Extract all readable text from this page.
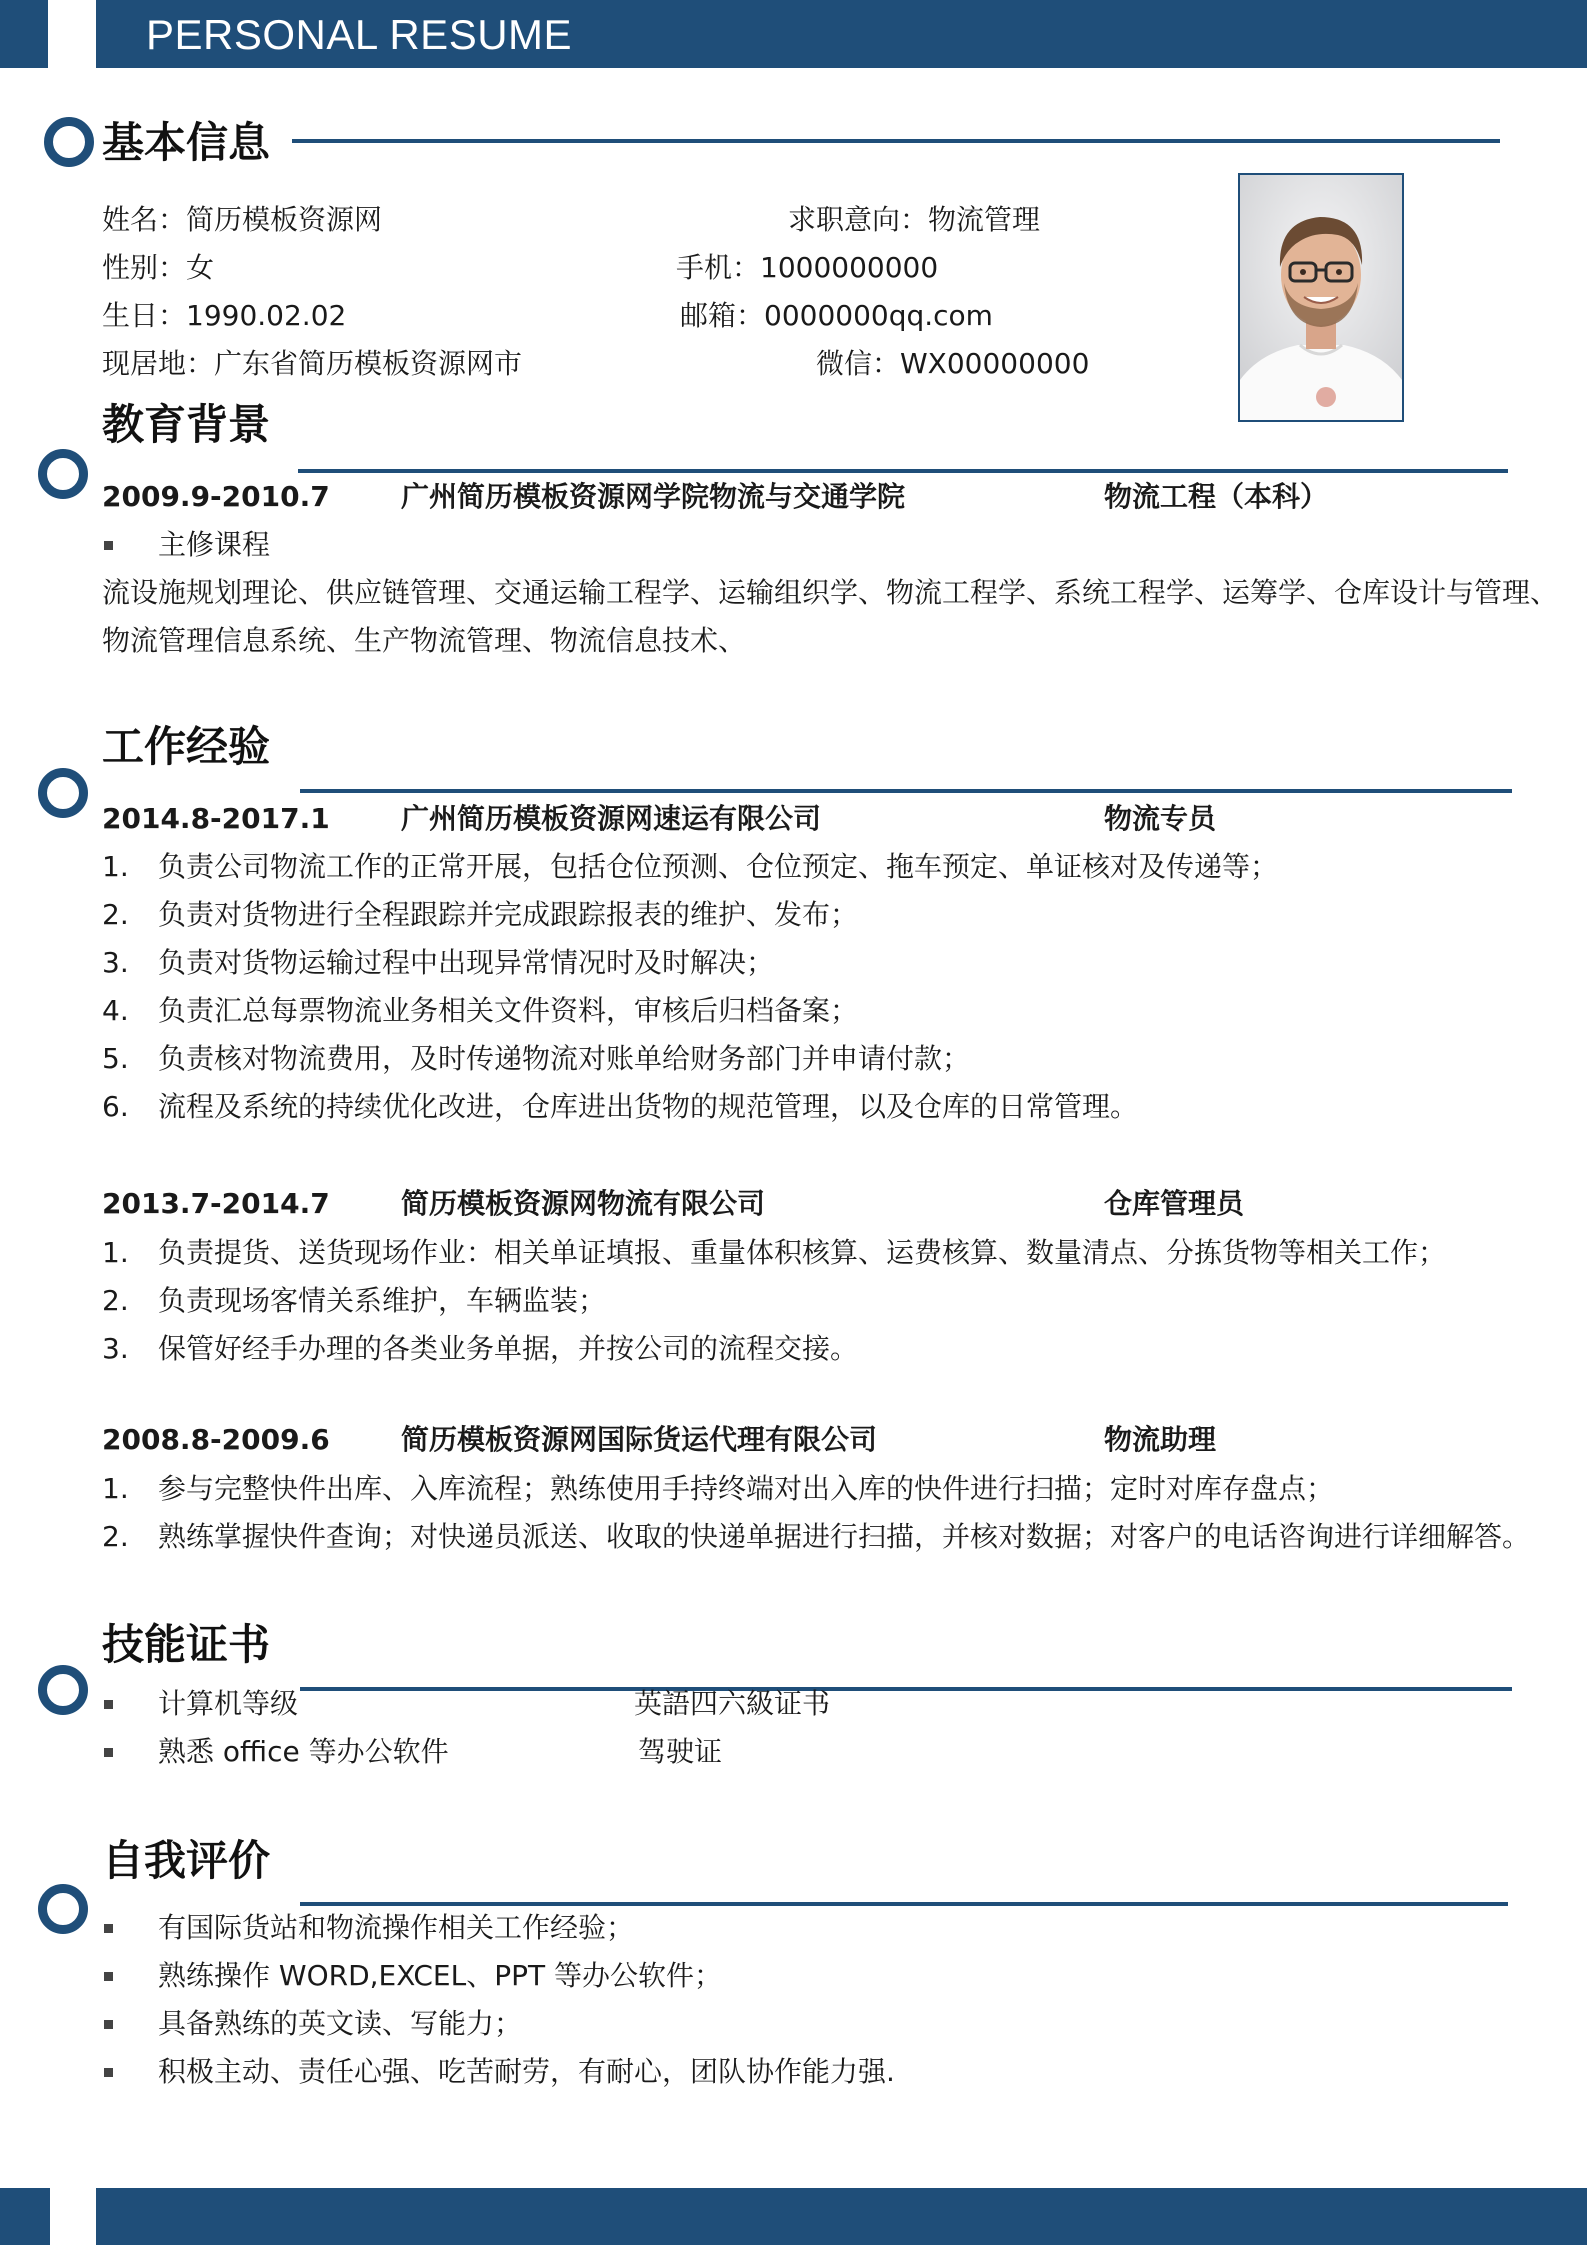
PERSONAL RESUME
基本信息
姓名：简历模板资源网
性别：女
生日：1990.02.02
现居地：广东省简历模板资源网市
求职意向：物流管理
手机：1000000000
邮箱：0000000qq.com
微信：WX00000000
教育背景
2009.9-2010.7	广州简历模板资源网学院物流与交通学院	物流工程（本科）
主修课程
流设施规划理论、供应链管理、交通运输工程学、运输组织学、物流工程学、系统工程学、运筹学、仓库设计与管理、
物流管理信息系统、生产物流管理、物流信息技术、
工作经验
2014.8-2017.1	广州简历模板资源网速运有限公司	物流专员
1. 负责公司物流工作的正常开展，包括仓位预测、仓位预定、拖车预定、单证核对及传递等；
2. 负责对货物进行全程跟踪并完成跟踪报表的维护、发布；
3. 负责对货物运输过程中出现异常情况时及时解决；
4. 负责汇总每票物流业务相关文件资料，审核后归档备案；
5. 负责核对物流费用，及时传递物流对账单给财务部门并申请付款；
6. 流程及系统的持续优化改进，仓库进出货物的规范管理，以及仓库的日常管理。
2013.7-2014.7	简历模板资源网物流有限公司	仓库管理员
1. 负责提货、送货现场作业：相关单证填报、重量体积核算、运费核算、数量清点、分拣货物等相关工作；
2. 负责现场客情关系维护，车辆监装；
3. 保管好经手办理的各类业务单据，并按公司的流程交接。
2008.8-2009.6	简历模板资源网国际货运代理有限公司	物流助理
1. 参与完整快件出库、入库流程；熟练使用手持终端对出入库的快件进行扫描；定时对库存盘点；
2. 熟练掌握快件查询；对快递员派送、收取的快递单据进行扫描，并核对数据；对客户的电话咨询进行详细解答。
技能证书
计算机等级	英語四六級证书
熟悉 office 等办公软件	驾驶证
自我评价
有国际货站和物流操作相关工作经验；
熟练操作 WORD,EXCEL、PPT 等办公软件；
具备熟练的英文读、写能力；
积极主动、责任心强、吃苦耐劳，有耐心，团队协作能力强.
